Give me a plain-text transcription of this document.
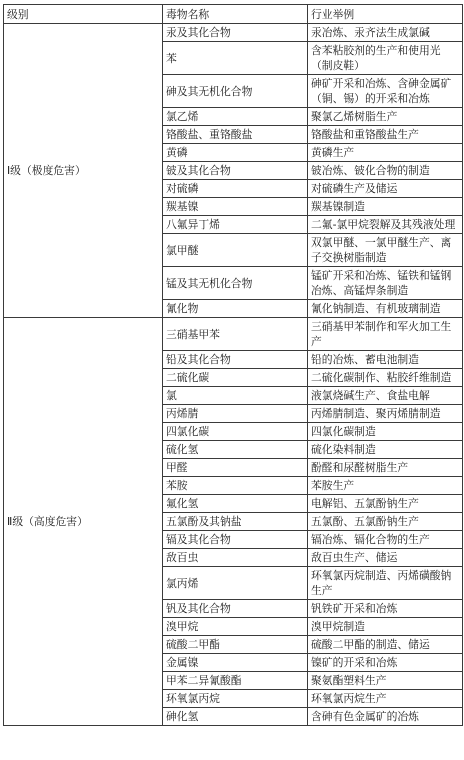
级别	毒物名称	行业举例
Ⅰ级（极度危害）	汞及其化合物	汞冶炼、汞齐法生成氯碱
	苯	含苯粘胶剂的生产和使用光（制皮鞋）
	砷及其无机化合物	砷矿开采和冶炼、含砷金属矿（铜、锡）的开采和冶炼
	氯乙烯	聚氯乙烯树脂生产
	铬酸盐、重铬酸盐	铬酸盐和重铬酸盐生产
	黄磷	黄磷生产
	铍及其化合物	铍冶炼、铍化合物的制造
	对硫磷	对硫磷生产及储运
	羰基镍	羰基镍制造
	八氟异丁烯	二氟-氯甲烷裂解及其残液处理
	氯甲醚	双氯甲醚、一氯甲醚生产、离子交换树脂制造
	锰及其无机化合物	锰矿开采和冶炼、锰铁和锰钢冶炼、高锰焊条制造
	氰化物	氰化钠制造、有机玻璃制造
Ⅱ级（高度危害）	三硝基甲苯	三硝基甲苯制作和军火加工生产
	铅及其化合物	铅的冶炼、蓄电池制造
	二硫化碳	二硫化碳制作、粘胶纤维制造
	氯	液氯烧碱生产、食盐电解
	丙烯腈	丙烯腈制造、聚丙烯腈制造
	四氯化碳	四氯化碳制造
	硫化氢	硫化染料制造
	甲醛	酚醛和尿醛树脂生产
	苯胺	苯胺生产
	氟化氢	电解铝、五氯酚钠生产
	五氯酚及其钠盐	五氯酚、五氯酚钠生产
	镉及其化合物	镉冶炼、镉化合物的生产
	敌百虫	敌百虫生产、储运
	氯丙烯	环氧氯丙烷制造、丙烯磺酸钠生产
	钒及其化合物	钒铁矿开采和冶炼
	溴甲烷	溴甲烷制造
	硫酸二甲酯	硫酸二甲酯的制造、储运
	金属镍	镍矿的开采和冶炼
	甲苯二异氰酸酯	聚氨酯塑料生产
	环氧氯丙烷	环氧氯丙烷生产
	砷化氢	含砷有色金属矿的冶炼
